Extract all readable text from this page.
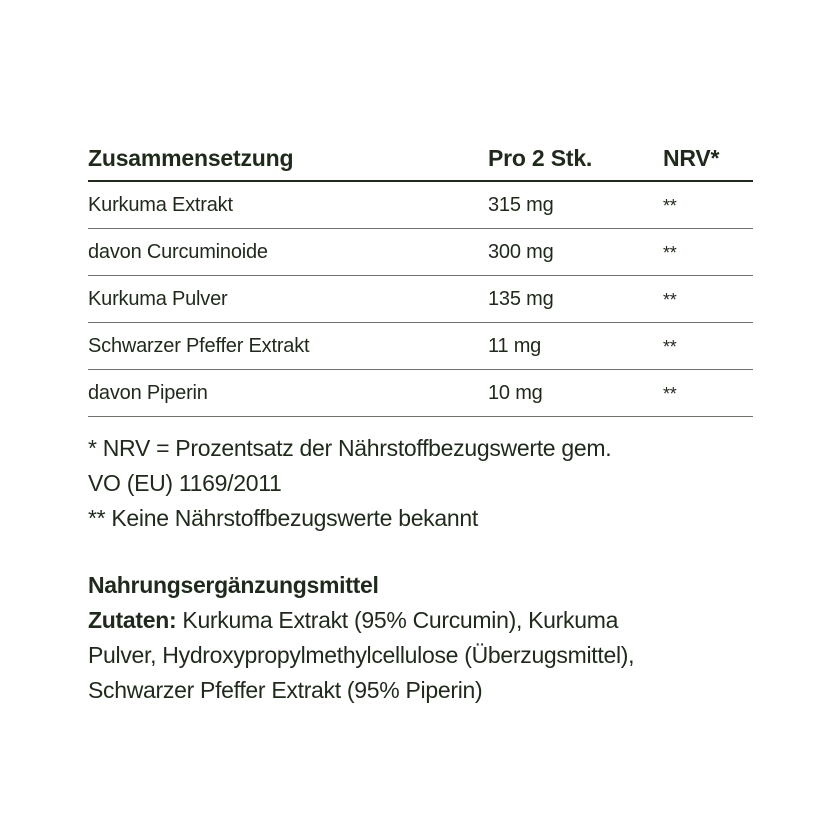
Zusammensetzung	Pro 2 Stk.	NRV*
Kurkuma Extrakt	315 mg	**
davon Curcuminoide	300 mg	**
Kurkuma Pulver	135 mg	**
Schwarzer Pfeffer Extrakt	11 mg	**
davon Piperin	10 mg	**
* NRV = Prozentsatz der Nährstoffbezugswerte gem.
VO (EU) 1169/2011
** Keine Nährstoffbezugswerte bekannt
Nahrungsergänzungsmittel
Zutaten: Kurkuma Extrakt (95% Curcumin), Kurkuma
Pulver, Hydroxypropylmethylcellulose (Überzugsmittel),
Schwarzer Pfeffer Extrakt (95% Piperin)
